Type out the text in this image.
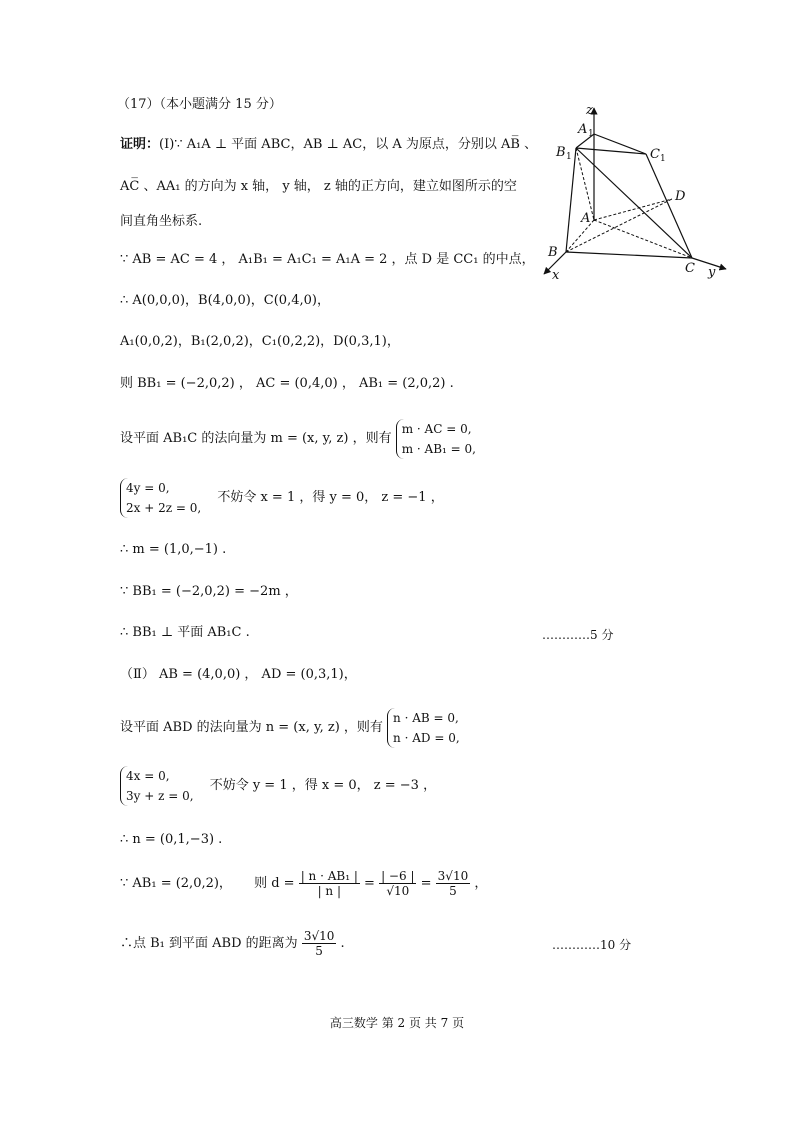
（17）（本小题满分 15 分）
证明：(Ⅰ)∵ A₁A ⊥ 平面 ABC，AB ⊥ AC，以 A 为原点，分别以 AB̅ 、
AC̅ 、AA₁ 的方向为 x 轴， y 轴， z 轴的正方向，建立如图所示的空
间直角坐标系.
∵ AB = AC = 4 ， A₁B₁ = A₁C₁ = A₁A = 2 ，点 D 是 CC₁ 的中点，
∴ A(0,0,0)，B(4,0,0)，C(0,4,0)，
A₁(0,0,2)，B₁(2,0,2)，C₁(0,2,2)，D(0,3,1)，
则 BB₁ = (−2,0,2) ， AC = (0,4,0) ， AB₁ = (2,0,2) .
设平面 AB₁C 的法向量为 m = (x, y, z) ，则有
m · AC = 0,
m · AB₁ = 0,
4y = 0,
2x + 2z = 0,
不妨令 x = 1 ，得 y = 0， z = −1 ，
∴ m = (1,0,−1) .
∵ BB₁ = (−2,0,2) = −2m ，
∴ BB₁ ⊥ 平面 AB₁C .	…………5 分
（Ⅱ） AB = (4,0,0) ， AD = (0,3,1)，
设平面 ABD 的法向量为 n = (x, y, z) ，则有
n · AB = 0,
n · AD = 0,
4x = 0,
3y + z = 0,
不妨令 y = 1 ，得 x = 0， z = −3 ，
∴ n = (0,1,−3) .
∵ AB₁ = (2,0,2)， 则 $d = \frac{\text{| n · AB₁ |}}{| n |} = \frac{| -6 |}{√10} = \frac{3√10}{5}$ ，
∴点 B₁ 到平面 ABD 的距离为 $\frac{3√10}{5}$ .	…………10 分
z
A 1
B 1	C 1
D
A
B
C
x	y
高三数学 第 2 页 共 7 页
